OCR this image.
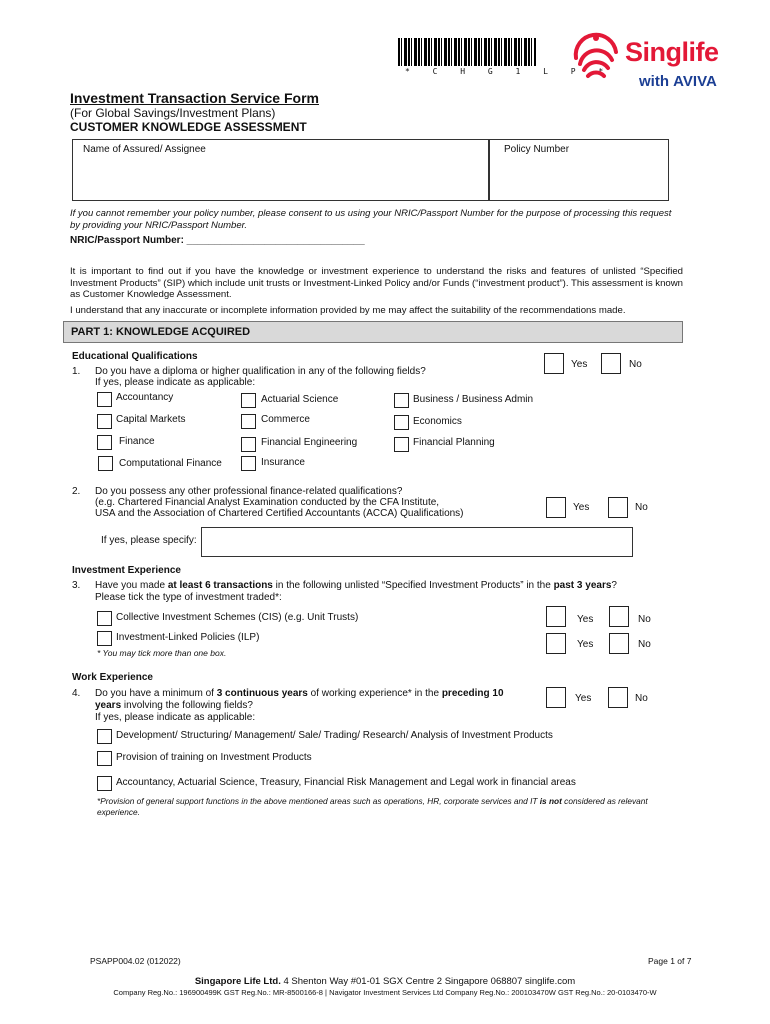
* C H G 1 L P *
Singlife
with AVIVA
Investment Transaction Service Form
(For Global Savings/Investment Plans)
CUSTOMER KNOWLEDGE ASSESSMENT
Name of Assured/ Assignee	Policy Number
If you cannot remember your policy number, please consent to us using your NRIC/Passport Number for the purpose of processing this request by providing your NRIC/Passport Number.
NRIC/Passport Number: ________________________________
It is important to find out if you have the knowledge or investment experience to understand the risks and features of unlisted “Specified Investment Products” (SIP) which include unit trusts or Investment-Linked Policy and/or Funds (“investment product”). This assessment is known as Customer Knowledge Assessment.
I understand that any inaccurate or incomplete information provided by me may affect the suitability of the recommendations made.
PART 1: KNOWLEDGE ACQUIRED
Educational Qualifications
1. Do you have a diploma or higher qualification in any of the following fields?
If yes, please indicate as applicable:
Yes	No
Accountancy	Actuarial Science	Business / Business Admin
Capital Markets	Commerce	Economics
Finance	Financial Engineering	Financial Planning
Computational Finance	Insurance
2. Do you possess any other professional finance-related qualifications?
(e.g. Chartered Financial Analyst Examination conducted by the CFA Institute,
USA and the Association of Chartered Certified Accountants (ACCA) Qualifications)
Yes	No
If yes, please specify:
Investment Experience
3. Have you made at least 6 transactions in the following unlisted “Specified Investment Products” in the past 3 years?
Please tick the type of investment traded*:
Collective Investment Schemes (CIS) (e.g. Unit Trusts)	Yes	No
Investment-Linked Policies (ILP)
Yes	No
* You may tick more than one box.
Work Experience
4. Do you have a minimum of 3 continuous years of working experience* in the preceding 10
years involving the following fields?
If yes, please indicate as applicable:
Yes	No
Development/ Structuring/ Management/ Sale/ Trading/ Research/ Analysis of Investment Products
Provision of training on Investment Products
Accountancy, Actuarial Science, Treasury, Financial Risk Management and Legal work in financial areas
*Provision of general support functions in the above mentioned areas such as operations, HR, corporate services and IT is not considered as relevant experience.
PSAPP004.02 (012022)	Page 1 of 7
Singapore Life Ltd. 4 Shenton Way #01-01 SGX Centre 2 Singapore 068807 singlife.com
Company Reg.No.: 196900499K GST Reg.No.: MR-8500166-8 | Navigator Investment Services Ltd Company Reg.No.: 200103470W GST Reg.No.: 20-0103470-W
